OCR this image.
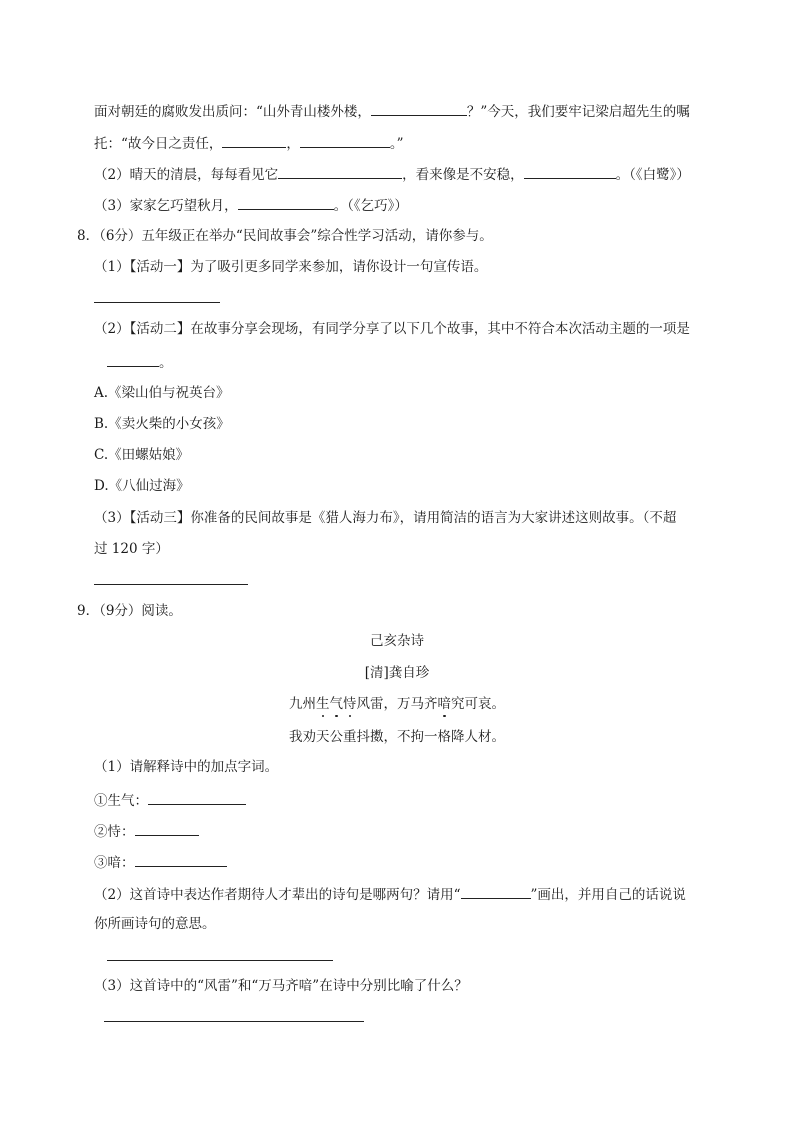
面对朝廷的腐败发出质问：“山外青山楼外楼，	？”今天，我们要牢记梁启超先生的嘱
托：“故今日之责任，	，	。”
（2）晴天的清晨，每每看见它	，看来像是不安稳，	。（《白鹭》）
（3）家家乞巧望秋月，	。（《乞巧》）
8．（6分）五年级正在举办“民间故事会”综合性学习活动，请你参与。
（1）【活动一】为了吸引更多同学来参加，请你设计一句宣传语。
（2）【活动二】在故事分享会现场，有同学分享了以下几个故事，其中不符合本次活动主题的一项是
。
A.《梁山伯与祝英台》
B.《卖火柴的小女孩》
C.《田螺姑娘》
D.《八仙过海》
（3）【活动三】你准备的民间故事是《猎人海力布》，请用简洁的语言为大家讲述这则故事。（不超
过 120 字）
9．（9分）阅读。
己亥杂诗
[清]龚自珍
九州生气恃风雷，万马齐喑究可哀。
我劝天公重抖擞，不拘一格降人材。
（1）请解释诗中的加点字词。
①生气：
②恃：
③喑：
（2）这首诗中表达作者期待人才辈出的诗句是哪两句？请用“	”画出，并用自己的话说说
你所画诗句的意思。
（3）这首诗中的“风雷”和“万马齐喑”在诗中分别比喻了什么？
